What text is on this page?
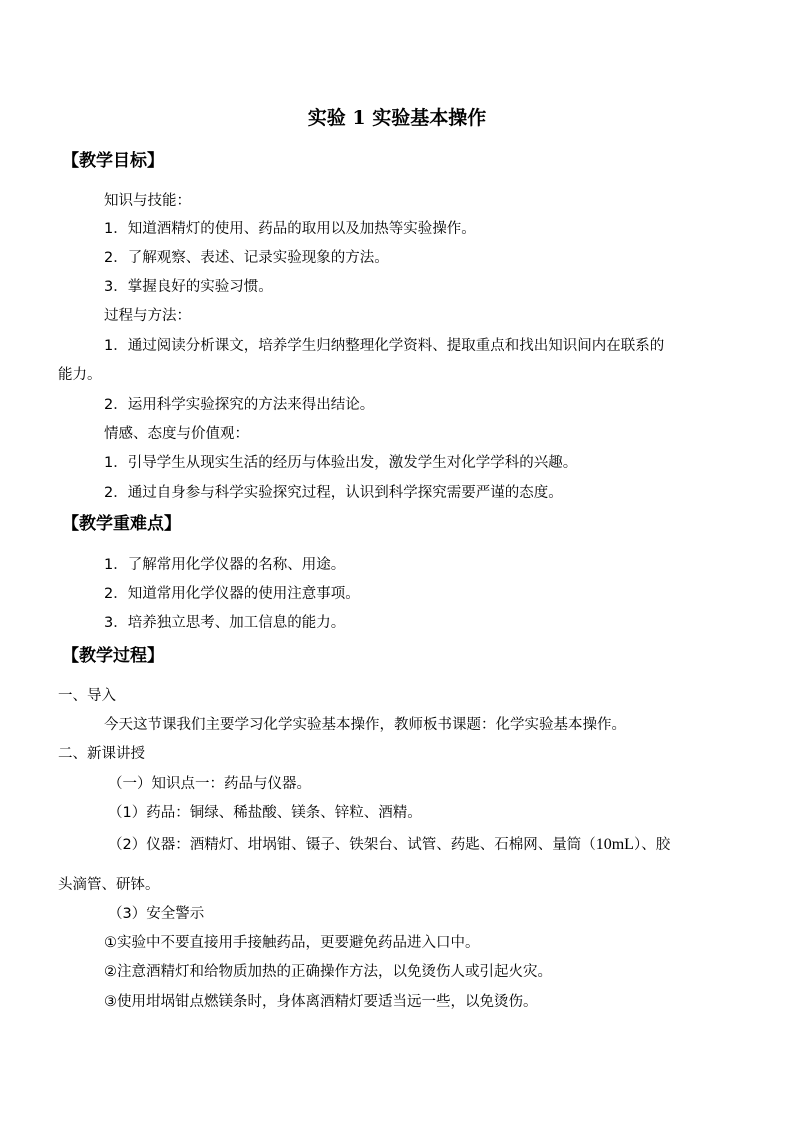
实验 1 实验基本操作
【教学目标】
知识与技能：
1．知道酒精灯的使用、药品的取用以及加热等实验操作。
2．了解观察、表述、记录实验现象的方法。
3．掌握良好的实验习惯。
过程与方法：
1．通过阅读分析课文，培养学生归纳整理化学资料、提取重点和找出知识间内在联系的
能力。
2．运用科学实验探究的方法来得出结论。
情感、态度与价值观：
1．引导学生从现实生活的经历与体验出发，激发学生对化学学科的兴趣。
2．通过自身参与科学实验探究过程，认识到科学探究需要严谨的态度。
【教学重难点】
1．了解常用化学仪器的名称、用途。
2．知道常用化学仪器的使用注意事项。
3．培养独立思考、加工信息的能力。
【教学过程】
一、导入
今天这节课我们主要学习化学实验基本操作，教师板书课题：化学实验基本操作。
二、新课讲授
（一）知识点一：药品与仪器。
（1）药品：铜绿、稀盐酸、镁条、锌粒、酒精。
（2）仪器：酒精灯、坩埚钳、镊子、铁架台、试管、药匙、石棉网、量筒（10mL）、胶
头滴管、研钵。
（3）安全警示
①实验中不要直接用手接触药品，更要避免药品进入口中。
②注意酒精灯和给物质加热的正确操作方法，以免烫伤人或引起火灾。
③使用坩埚钳点燃镁条时，身体离酒精灯要适当远一些，以免烫伤。
